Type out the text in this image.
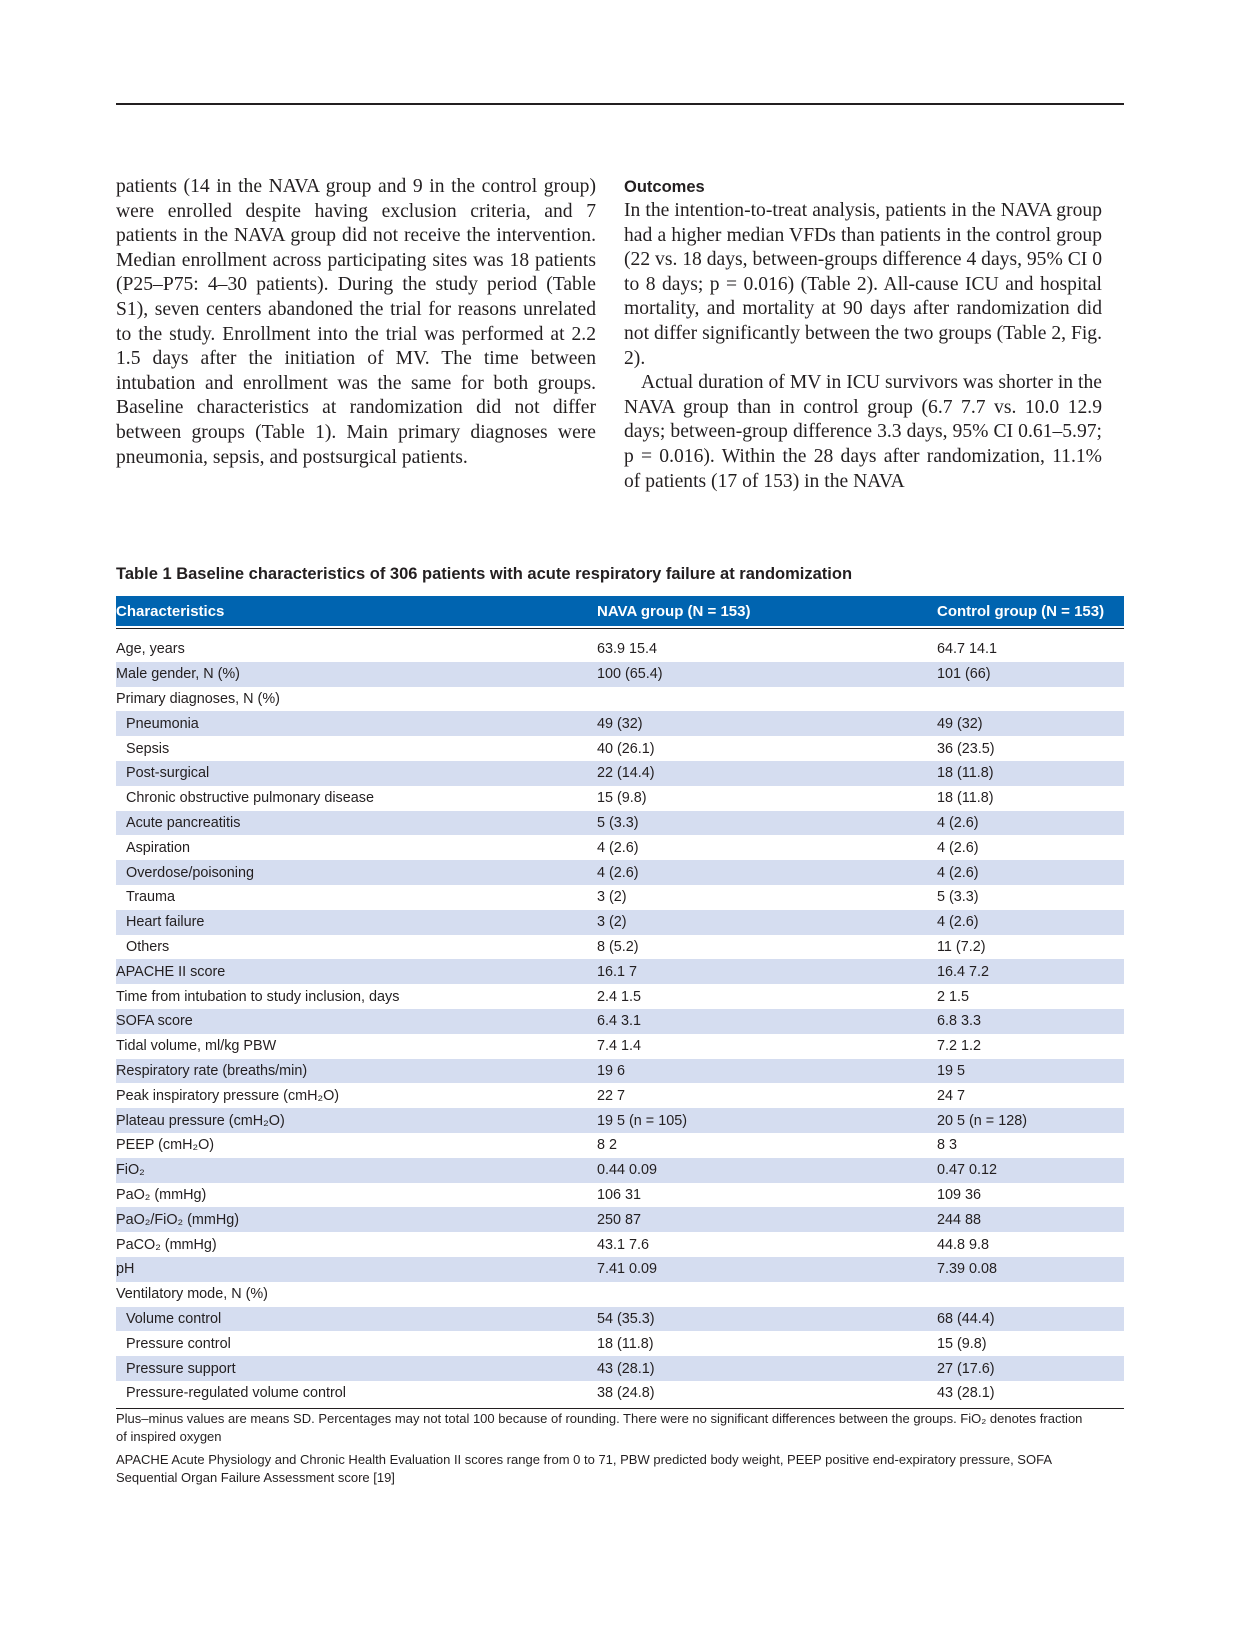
patients (14 in the NAVA group and 9 in the control group) were enrolled despite having exclusion criteria, and 7 patients in the NAVA group did not receive the intervention. Median enrollment across participating sites was 18 patients (P25–P75: 4–30 patients). During the study period (Table S1), seven centers abandoned the trial for reasons unrelated to the study. Enrollment into the trial was performed at 2.2 1.5 days after the initiation of MV. The time between intubation and enrollment was the same for both groups. Baseline characteristics at randomization did not differ between groups (Table 1). Main primary diagnoses were pneumonia, sepsis, and postsurgical patients.

Outcomes

In the intention-to-treat analysis, patients in the NAVA group had a higher median VFDs than patients in the control group (22 vs. 18 days, between-groups difference 4 days, 95% CI 0 to 8 days; p = 0.016) (Table 2). All-cause ICU and hospital mortality, and mortality at 90 days after randomization did not differ significantly between the two groups (Table 2, Fig. 2).

Actual duration of MV in ICU survivors was shorter in the NAVA group than in control group (6.7 7.7 vs. 10.0 12.9 days; between-group difference 3.3 days, 95% CI 0.61–5.97; p = 0.016). Within the 28 days after randomization, 11.1% of patients (17 of 153) in the NAVA

Table 1 Baseline characteristics of 306 patients with acute respiratory failure at randomization
Characteristics	NAVA group (N = 153)	Control group (N = 153)
Age, years	63.9 15.4	64.7 14.1
Male gender, N (%)	100 (65.4)	101 (66)
Primary diagnoses, N (%)
Pneumonia	49 (32)	49 (32)
Sepsis	40 (26.1)	36 (23.5)
Post-surgical	22 (14.4)	18 (11.8)
Chronic obstructive pulmonary disease	15 (9.8)	18 (11.8)
Acute pancreatitis	5 (3.3)	4 (2.6)
Aspiration	4 (2.6)	4 (2.6)
Overdose/poisoning	4 (2.6)	4 (2.6)
Trauma	3 (2)	5 (3.3)
Heart failure	3 (2)	4 (2.6)
Others	8 (5.2)	11 (7.2)
APACHE II score	16.1 7	16.4 7.2
Time from intubation to study inclusion, days	2.4 1.5	2 1.5
SOFA score	6.4 3.1	6.8 3.3
Tidal volume, ml/kg PBW	7.4 1.4	7.2 1.2
Respiratory rate (breaths/min)	19 6	19 5
Peak inspiratory pressure (cmH₂O)	22 7	24 7
Plateau pressure (cmH₂O)	19 5 (n = 105)	20 5 (n = 128)
PEEP (cmH₂O)	8 2	8 3
FiO₂	0.44 0.09	0.47 0.12
PaO₂ (mmHg)	106 31	109 36
PaO₂/FiO₂ (mmHg)	250 87	244 88
PaCO₂ (mmHg)	43.1 7.6	44.8 9.8
pH	7.41 0.09	7.39 0.08
Ventilatory mode, N (%)
Volume control	54 (35.3)	68 (44.4)
Pressure control	18 (11.8)	15 (9.8)
Pressure support	43 (28.1)	27 (17.6)
Pressure-regulated volume control	38 (24.8)	43 (28.1)

Plus–minus values are means SD. Percentages may not total 100 because of rounding. There were no significant differences between the groups. FiO₂ denotes fraction of inspired oxygen

APACHE Acute Physiology and Chronic Health Evaluation II scores range from 0 to 71, PBW predicted body weight, PEEP positive end-expiratory pressure, SOFA Sequential Organ Failure Assessment score [19]
